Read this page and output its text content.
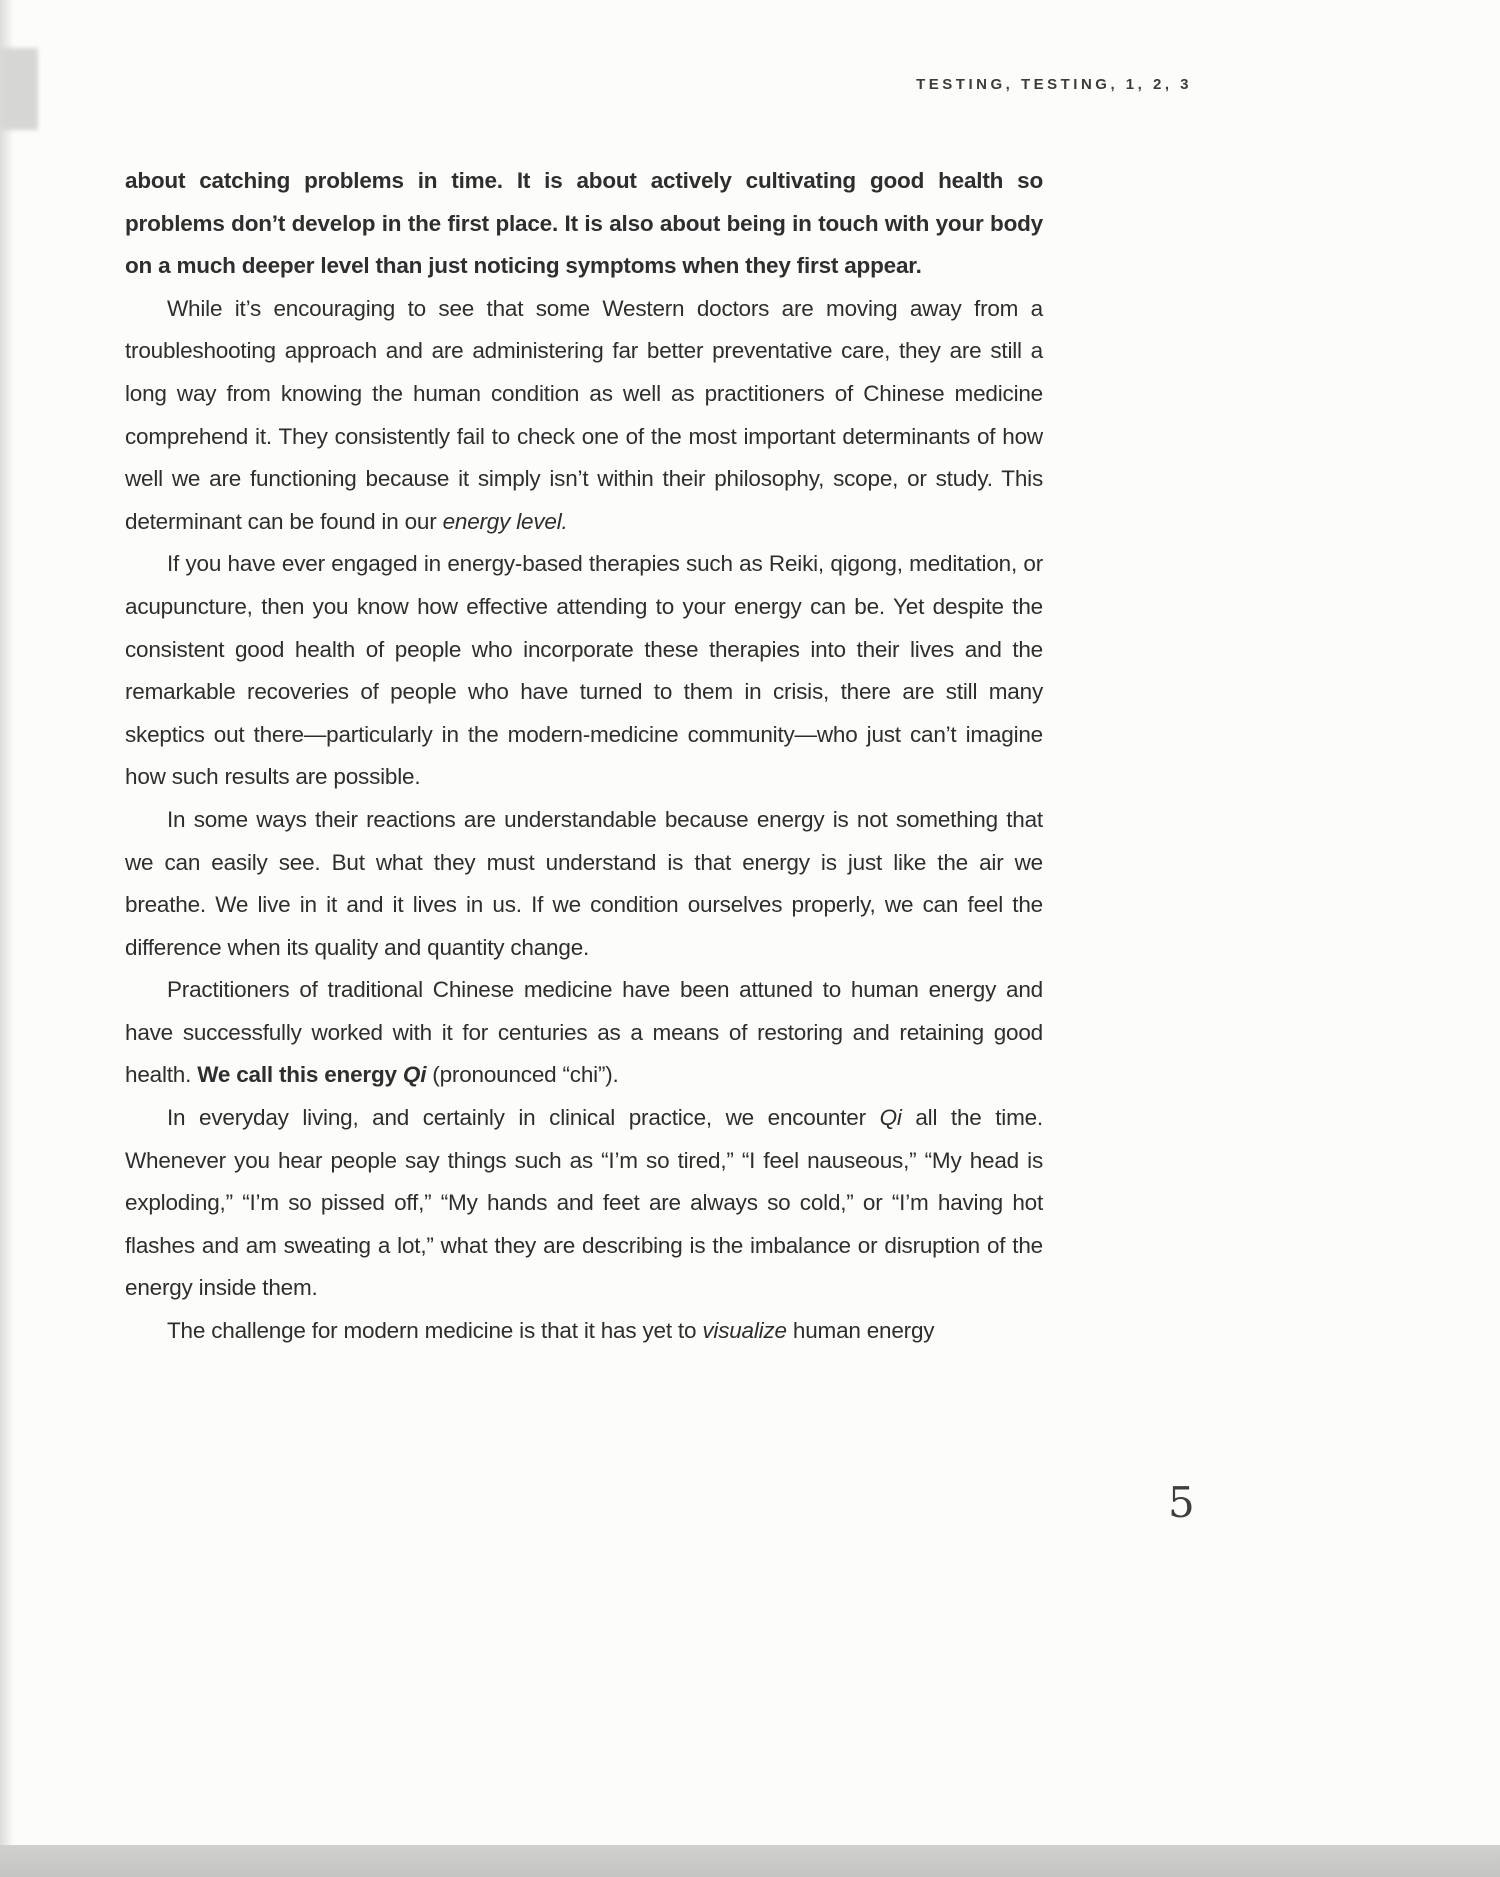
TESTING, TESTING, 1, 2, 3

about catching problems in time. It is about actively cultivating good health so problems don’t develop in the first place. It is also about being in touch with your body on a much deeper level than just noticing symptoms when they first appear.

While it’s encouraging to see that some Western doctors are moving away from a troubleshooting approach and are administering far better preventative care, they are still a long way from knowing the human condition as well as practitioners of Chinese medicine comprehend it. They consistently fail to check one of the most important determinants of how well we are functioning because it simply isn’t within their philosophy, scope, or study. This determinant can be found in our energy level.

If you have ever engaged in energy-based therapies such as Reiki, qigong, meditation, or acupuncture, then you know how effective attending to your energy can be. Yet despite the consistent good health of people who incorporate these therapies into their lives and the remarkable recoveries of people who have turned to them in crisis, there are still many skeptics out there—particularly in the modern-medicine community—who just can’t imagine how such results are possible.

In some ways their reactions are understandable because energy is not something that we can easily see. But what they must understand is that energy is just like the air we breathe. We live in it and it lives in us. If we condition ourselves properly, we can feel the difference when its quality and quantity change.

Practitioners of traditional Chinese medicine have been attuned to human energy and have successfully worked with it for centuries as a means of restoring and retaining good health. We call this energy Qi (pronounced “chi”).

In everyday living, and certainly in clinical practice, we encounter Qi all the time. Whenever you hear people say things such as “I’m so tired,” “I feel nauseous,” “My head is exploding,” “I’m so pissed off,” “My hands and feet are always so cold,” or “I’m having hot flashes and am sweating a lot,” what they are describing is the imbalance or disruption of the energy inside them.

The challenge for modern medicine is that it has yet to visualize human energy

5
